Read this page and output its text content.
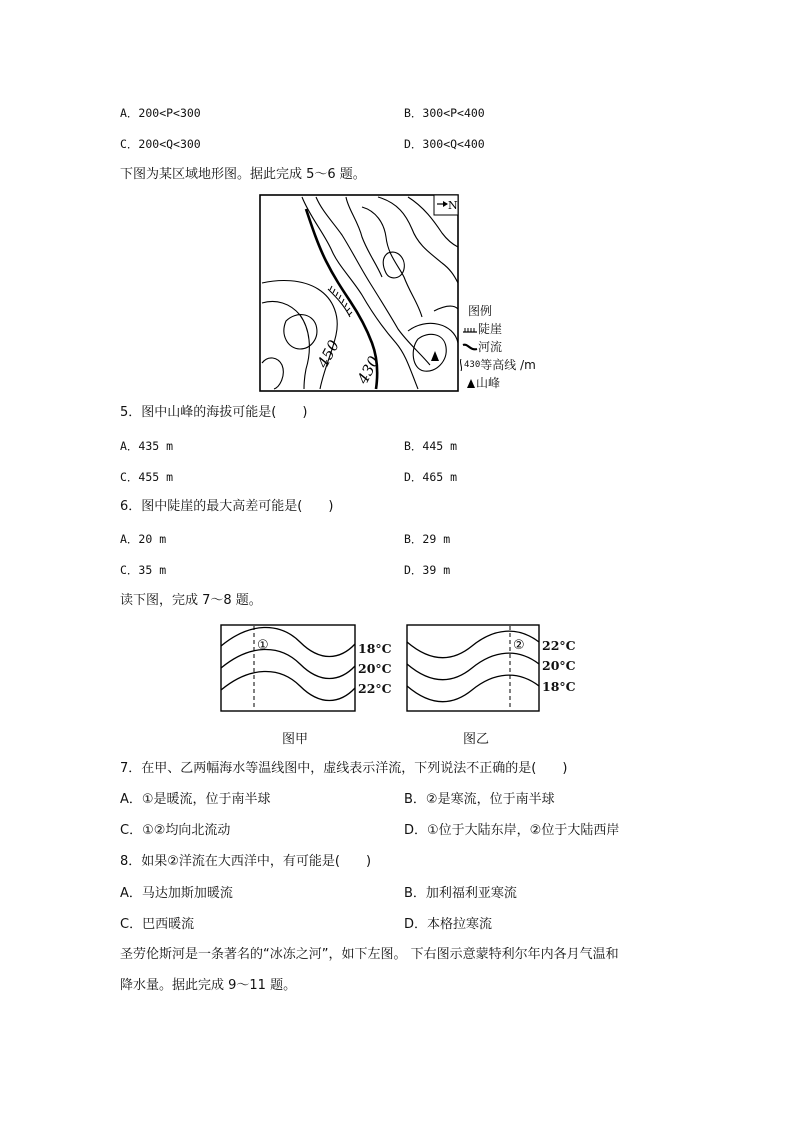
A．200<P<300	B．300<P<400
C．200<Q<300	D．300<Q<400
下图为某区域地形图。据此完成 5～6 题。
N
450 430
图例
陡崖
河流
430 等高线 /m
山峰
5．图中山峰的海拔可能是(　　)
A．435 m	B．445 m
C．455 m	D．465 m
6．图中陡崖的最大高差可能是(　　)
A．20 m	B．29 m
C．35 m	D．39 m
读下图，完成 7～8 题。
①	18°C
20°C
22°C
图甲
② 22°C
20°C
18°C
图乙
7．在甲、乙两幅海水等温线图中，虚线表示洋流，下列说法不正确的是(　　)
A．①是暖流，位于南半球	B．②是寒流，位于南半球
C．①②均向北流动	D．①位于大陆东岸，②位于大陆西岸
8．如果②洋流在大西洋中，有可能是(　　)
A．马达加斯加暖流	B．加利福利亚寒流
C．巴西暖流	D．本格拉寒流
圣劳伦斯河是一条著名的“冰冻之河”，如下左图。 下右图示意蒙特利尔年内各月气温和
降水量。据此完成 9～11 题。
